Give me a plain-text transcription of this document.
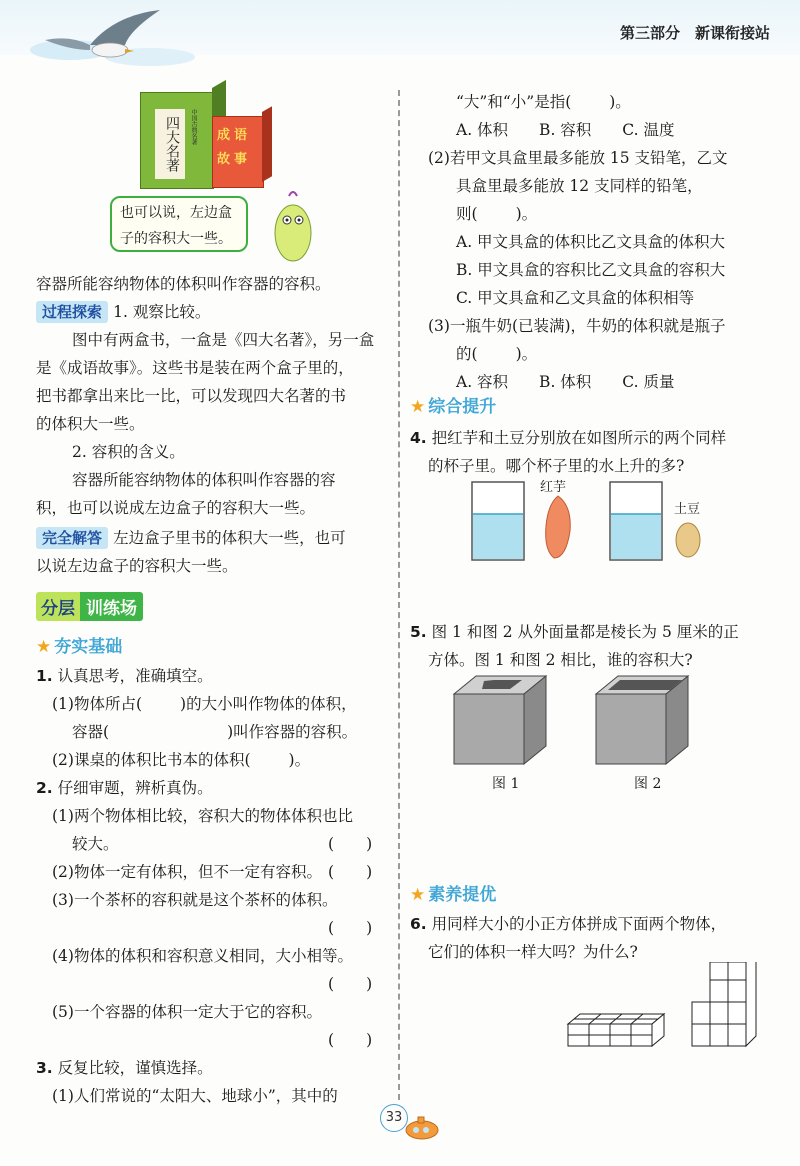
第三部分　新课衔接站
四大名著	中国古典名著 成语
故事
也可以说，左边盒子的容积大一些。
容器所能容纳物体的体积叫作容器的容积。
过程探索 1. 观察比较。
图中有两盒书，一盒是《四大名著》，另一盒
是《成语故事》。这些书是装在两个盒子里的，
把书都拿出来比一比，可以发现四大名著的书
的体积大一些。
2. 容积的含义。
容器所能容纳物体的体积叫作容器的容
积，也可以说成左边盒子的容积大一些。
完全解答 左边盒子里书的体积大一些，也可
以说左边盒子的容积大一些。
分层 训练场
★ 夯实基础
1. 认真思考，准确填空。
(1)物体所占( )的大小叫作物体的体积，
容器(	)叫作容器的容积。
(2)课桌的体积比书本的体积( )。
2. 仔细审题，辨析真伪。
(1)两个物体相比较，容积大的物体体积也比
较大。	( )
(2)物体一定有体积，但不一定有容积。 ( )
(3)一个茶杯的容积就是这个茶杯的体积。
( )
(4)物体的体积和容积意义相同，大小相等。
( )
(5)一个容器的体积一定大于它的容积。
( )
3. 反复比较，谨慎选择。
(1)人们常说的“太阳大、地球小”，其中的
“大”和“小”是指( )。
A. 体积　　B. 容积　　C. 温度
(2)若甲文具盒里最多能放 15 支铅笔，乙文
具盒里最多能放 12 支同样的铅笔，
则( )。
A. 甲文具盒的体积比乙文具盒的体积大
B. 甲文具盒的容积比乙文具盒的容积大
C. 甲文具盒和乙文具盒的体积相等
(3)一瓶牛奶(已装满)，牛奶的体积就是瓶子
的( )。
A. 容积　　B. 体积　　C. 质量
★ 综合提升
4. 把红芋和土豆分别放在如图所示的两个同样
的杯子里。哪个杯子里的水上升的多?
红芋
土豆
5. 图 1 和图 2 从外面量都是棱长为 5 厘米的正
方体。图 1 和图 2 相比，谁的容积大?
图 1	图 2
★ 素养提优
6. 用同样大小的小正方体拼成下面两个物体，
它们的体积一样大吗？为什么?
33
